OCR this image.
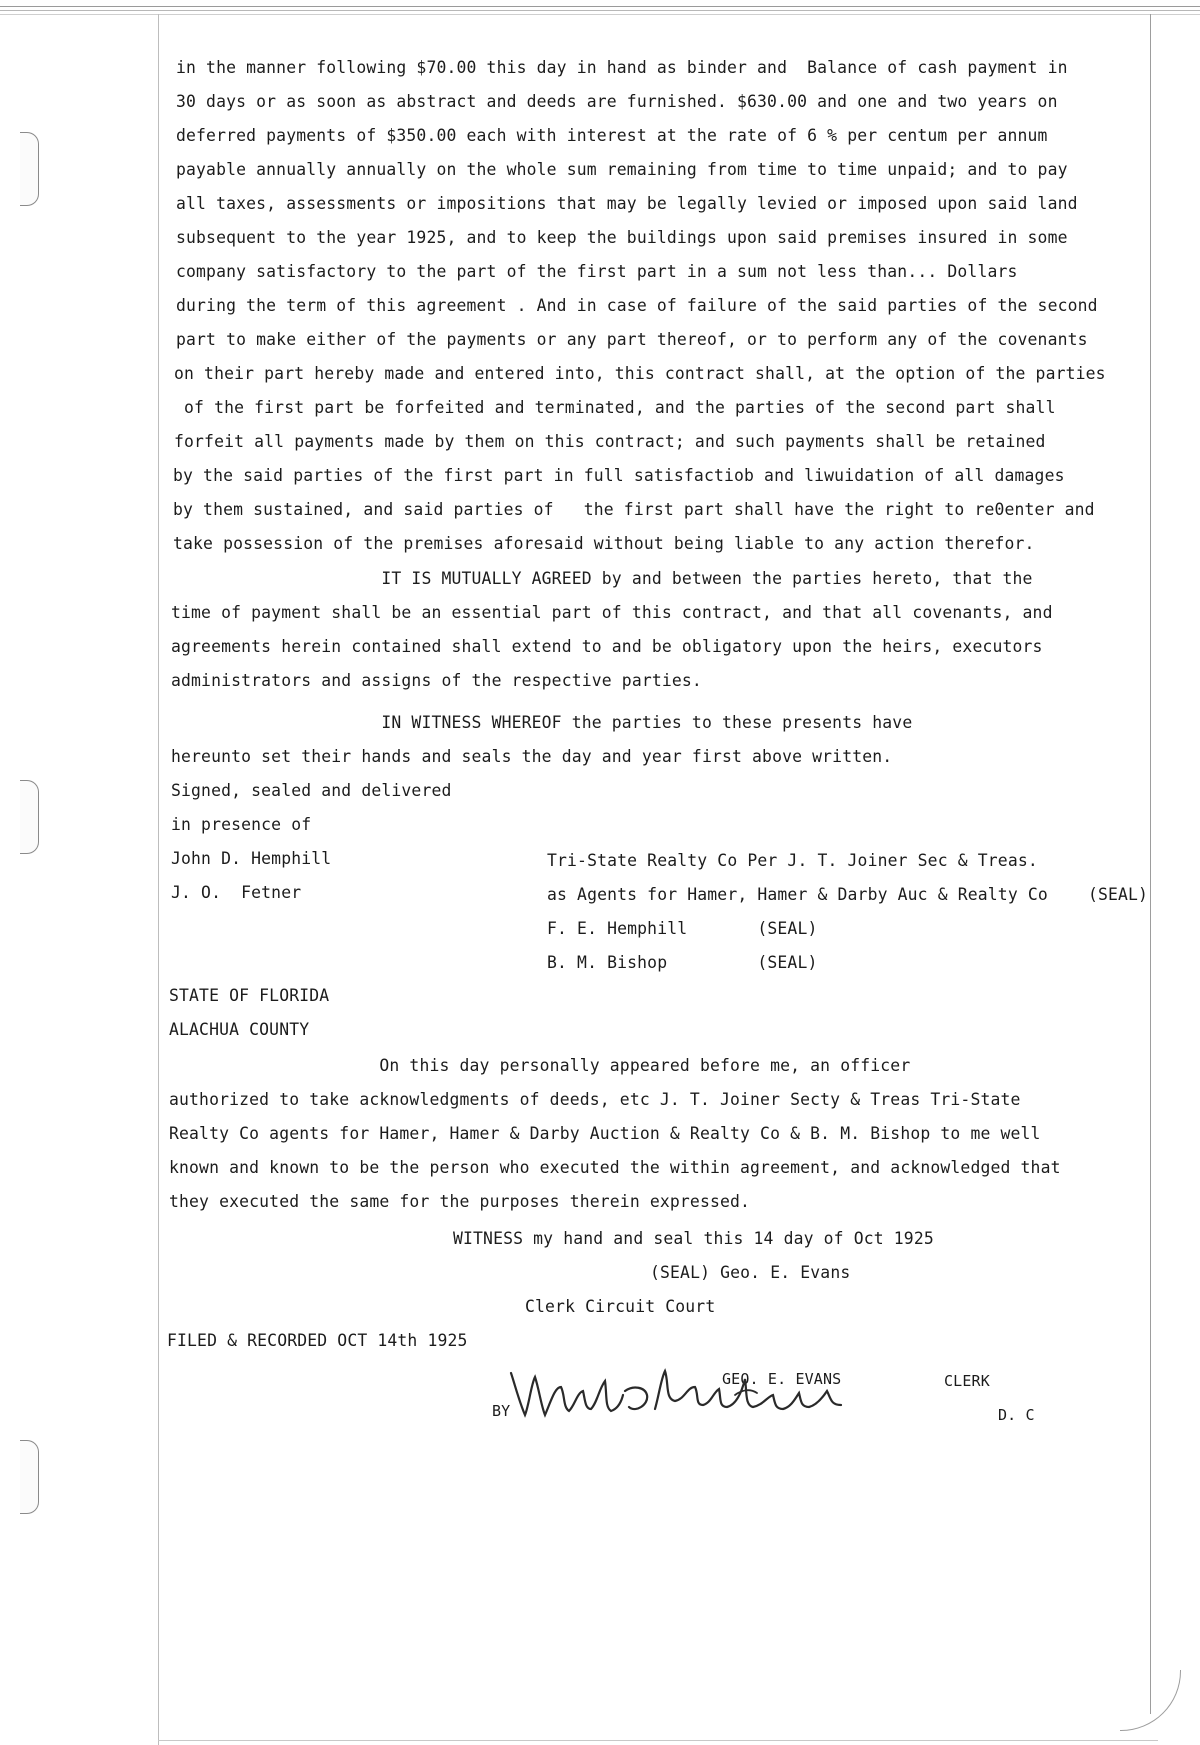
in the manner following $70.00 this day in hand as binder and  Balance of cash payment in
30 days or as soon as abstract and deeds are furnished. $630.00 and one and two years on
deferred payments of $350.00 each with interest at the rate of 6 % per centum per annum
payable annually annually on the whole sum remaining from time to time unpaid; and to pay
all taxes, assessments or impositions that may be legally levied or imposed upon said land
subsequent to the year 1925, and to keep the buildings upon said premises insured in some
company satisfactory to the part of the first part in a sum not less than... Dollars
during the term of this agreement . And in case of failure of the said parties of the second
part to make either of the payments or any part thereof, or to perform any of the covenants
on their part hereby made and entered into, this contract shall, at the option of the parties
of the first part be forfeited and terminated, and the parties of the second part shall
forfeit all payments made by them on this contract; and such payments shall be retained
by the said parties of the first part in full satisfactiob and liwuidation of all damages
by them sustained, and said parties of   the first part shall have the right to re0enter and
take possession of the premises aforesaid without being liable to any action therefor.
IT IS MUTUALLY AGREED by and between the parties hereto, that the
time of payment shall be an essential part of this contract, and that all covenants, and
agreements herein contained shall extend to and be obligatory upon the heirs, executors
administrators and assigns of the respective parties.
IN WITNESS WHEREOF the parties to these presents have
hereunto set their hands and seals the day and year first above written.
Signed, sealed and delivered
in presence of
John D. Hemphill
J. O.  Fetner
Tri-State Realty Co Per J. T. Joiner Sec & Treas.
as Agents for Hamer, Hamer & Darby Auc & Realty Co    (SEAL)
F. E. Hemphill       (SEAL)
B. M. Bishop         (SEAL)
STATE OF FLORIDA
ALACHUA COUNTY
On this day personally appeared before me, an officer
authorized to take acknowledgments of deeds, etc J. T. Joiner Secty & Treas Tri-State
Realty Co agents for Hamer, Hamer & Darby Auction & Realty Co & B. M. Bishop to me well
known and known to be the person who executed the within agreement, and acknowledged that
they executed the same for the purposes therein expressed.
WITNESS my hand and seal this 14 day of Oct 1925
(SEAL) Geo. E. Evans
Clerk Circuit Court
FILED & RECORDED OCT 14th 1925
GEO. E. EVANS	CLERK
BY	D. C
